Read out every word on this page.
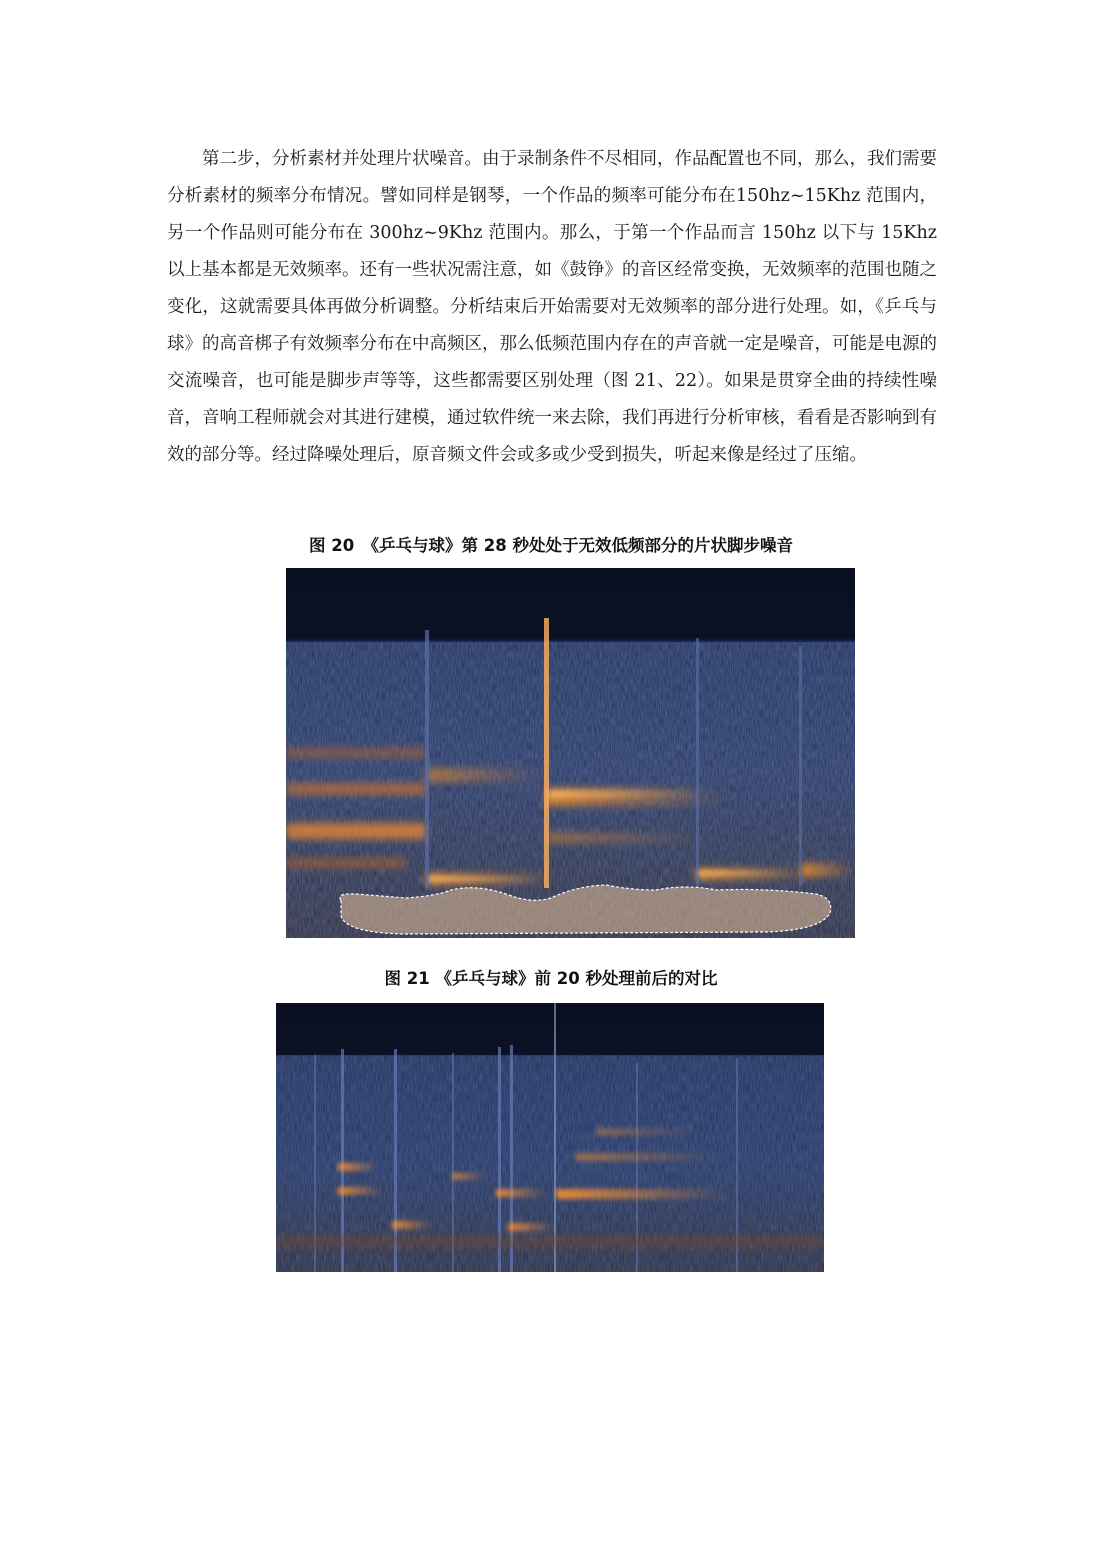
第二步，分析素材并处理片状噪音。由于录制条件不尽相同，作品配置也不同，那么，我们需要分析素材的频率分布情况。譬如同样是钢琴，一个作品的频率可能分布在150hz~15Khz 范围内，另一个作品则可能分布在 300hz~9Khz 范围内。那么，于第一个作品而言 150hz 以下与 15Khz 以上基本都是无效频率。还有一些状况需注意，如《鼓铮》的音区经常变换，无效频率的范围也随之变化，这就需要具体再做分析调整。分析结束后开始需要对无效频率的部分进行处理。如，《乒乓与球》的高音梆子有效频率分布在中高频区，那么低频范围内存在的声音就一定是噪音，可能是电源的交流噪音，也可能是脚步声等等，这些都需要区别处理（图 21、22）。如果是贯穿全曲的持续性噪音，音响工程师就会对其进行建模，通过软件统一来去除，我们再进行分析审核，看看是否影响到有效的部分等。经过降噪处理后，原音频文件会或多或少受到损失，听起来像是经过了压缩。

图 20　《乒乓与球》第 28 秒处处于无效低频部分的片状脚步噪音

图 21 《乒乓与球》前 20 秒处理前后的对比
